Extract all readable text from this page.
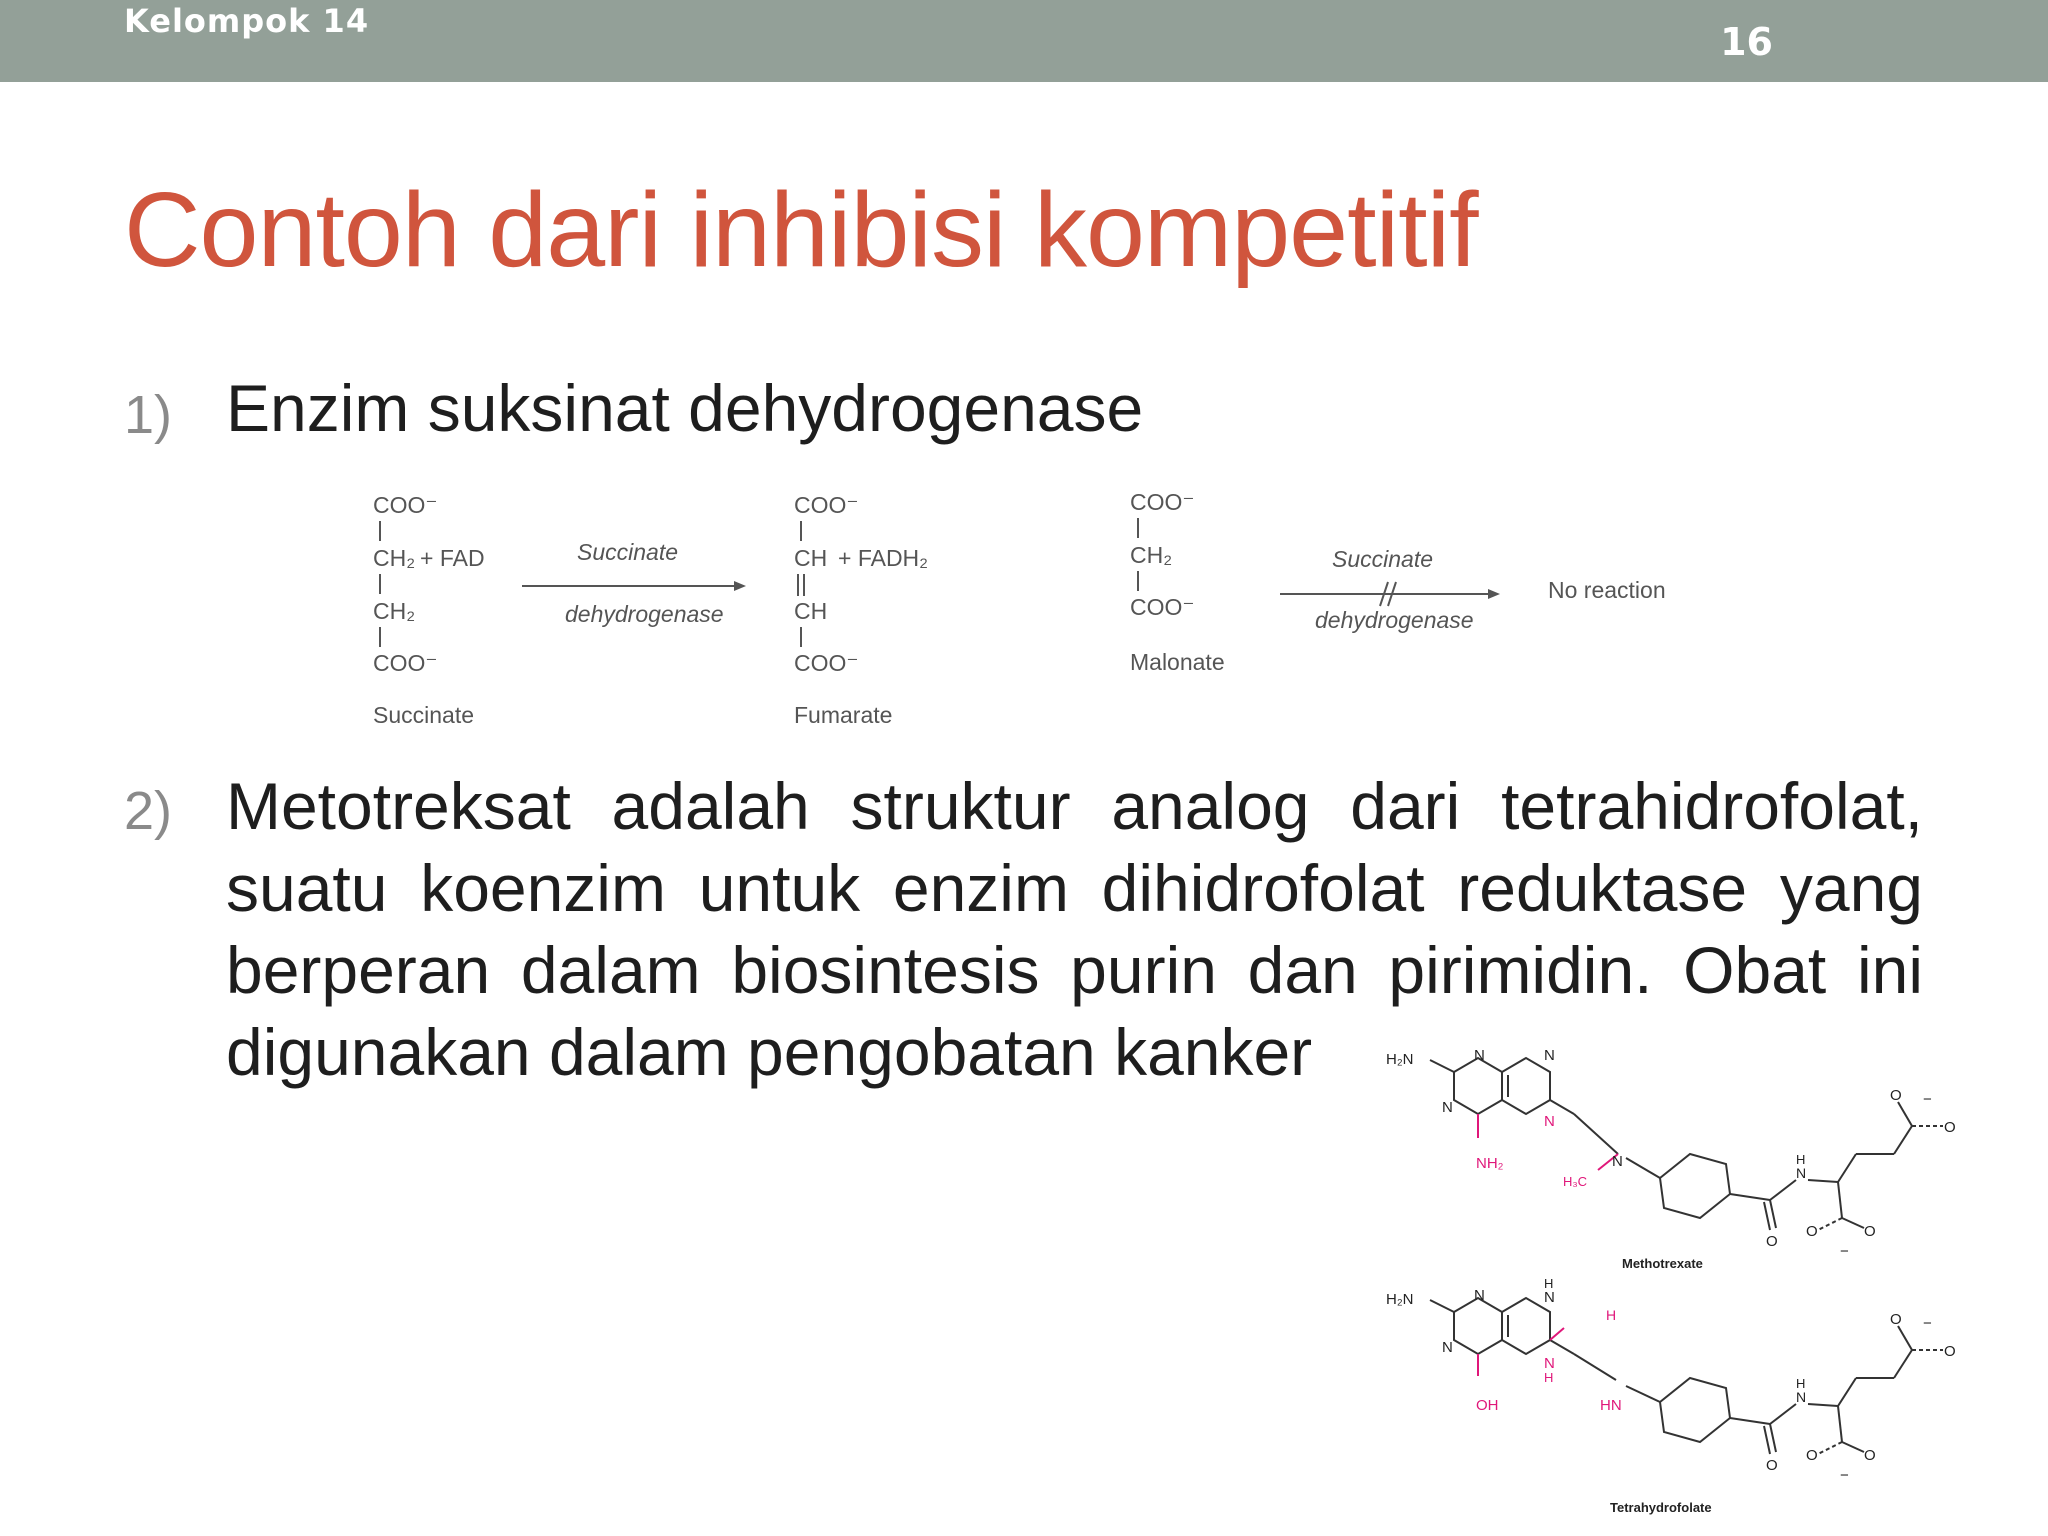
Kelompok 14	16
Contoh dari inhibisi kompetitif
1) Enzim suksinat dehydrogenase
COO⁻
CH₂ + FAD
CH₂
COO⁻
Succinate
Succinate
dehydrogenase
COO⁻
CH + FADH₂
CH
COO⁻
Fumarate
COO⁻
CH₂
COO⁻
Malonate
Succinate
dehydrogenase
No reaction
2) Metotreksat adalah struktur analog dari tetrahidrofolat, suatu koenzim untuk enzim dihidrofolat reduktase yang berperan dalam biosintesis purin dan pirimidin. Obat ini digunakan dalam pengobatan kanker	H₂N	N	N
N
N
NH₂
H₃C
N	H
N
O
O
O
O	O
−
−
Methotrexate
H₂N	N
N
H
N
N
H
H
OH	HN
H
N
O
O
O
O	O
−
−
Tetrahydrofolate
